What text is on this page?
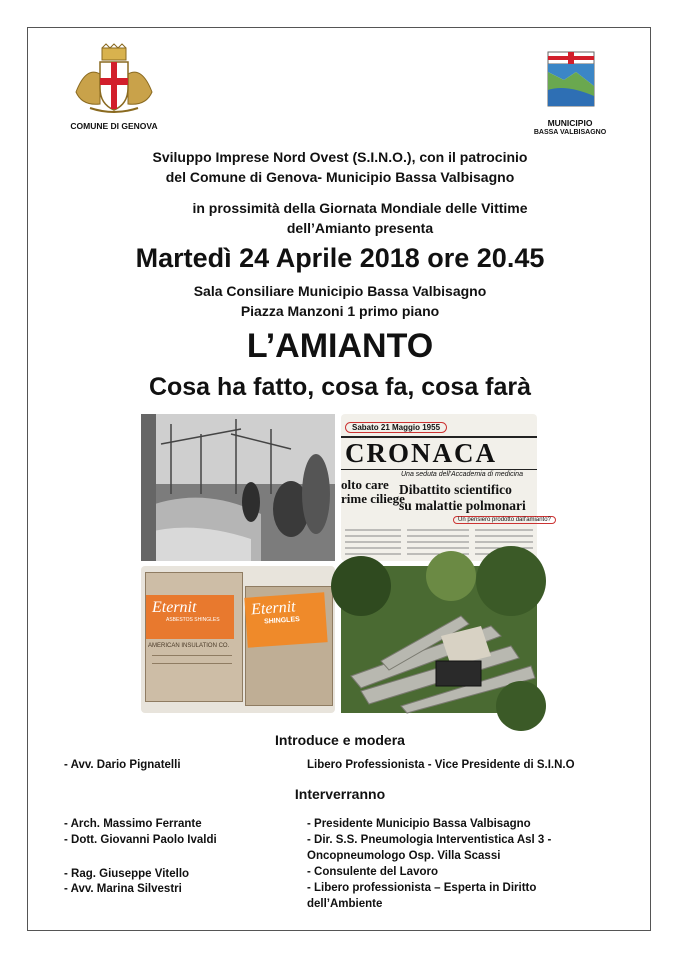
COMUNE DI GENOVA	MUNICIPIO
BASSA VALBISAGNO
Sviluppo Imprese Nord Ovest (S.I.N.O.), con il patrocinio
del Comune di Genova- Municipio Bassa Valbisagno
in prossimità della Giornata Mondiale delle Vittime
dell’Amianto presenta
Martedì 24 Aprile 2018 ore 20.45
Sala Consiliare Municipio Bassa Valbisagno
Piazza Manzoni 1 primo piano
L’AMIANTO
Cosa ha fatto, cosa fa, cosa farà
Sabato 21 Maggio 1955
CRONACA
Una seduta dell'Accademia di medicina
olto care
rime ciliege
Dibattito scientifico
su malattie polmonari
Un pensiero prodotto dall'amianto?
Eternit
ASBESTOS SHINGLES
AMERICAN INSULATION CO.
Eternit
SHINGLES
Introduce e modera
- Avv. Dario Pignatelli	Libero Professionista - Vice Presidente di S.I.N.O
Interverranno
- Arch. Massimo Ferrante
- Dott. Giovanni Paolo Ivaldi
- Rag. Giuseppe Vitello
- Avv. Marina Silvestri
- Presidente Municipio Bassa Valbisagno
- Dir. S.S. Pneumologia Interventistica Asl 3 -
Oncopneumologo Osp. Villa Scassi
- Consulente del Lavoro
- Libero professionista – Esperta in Diritto
dell’Ambiente
